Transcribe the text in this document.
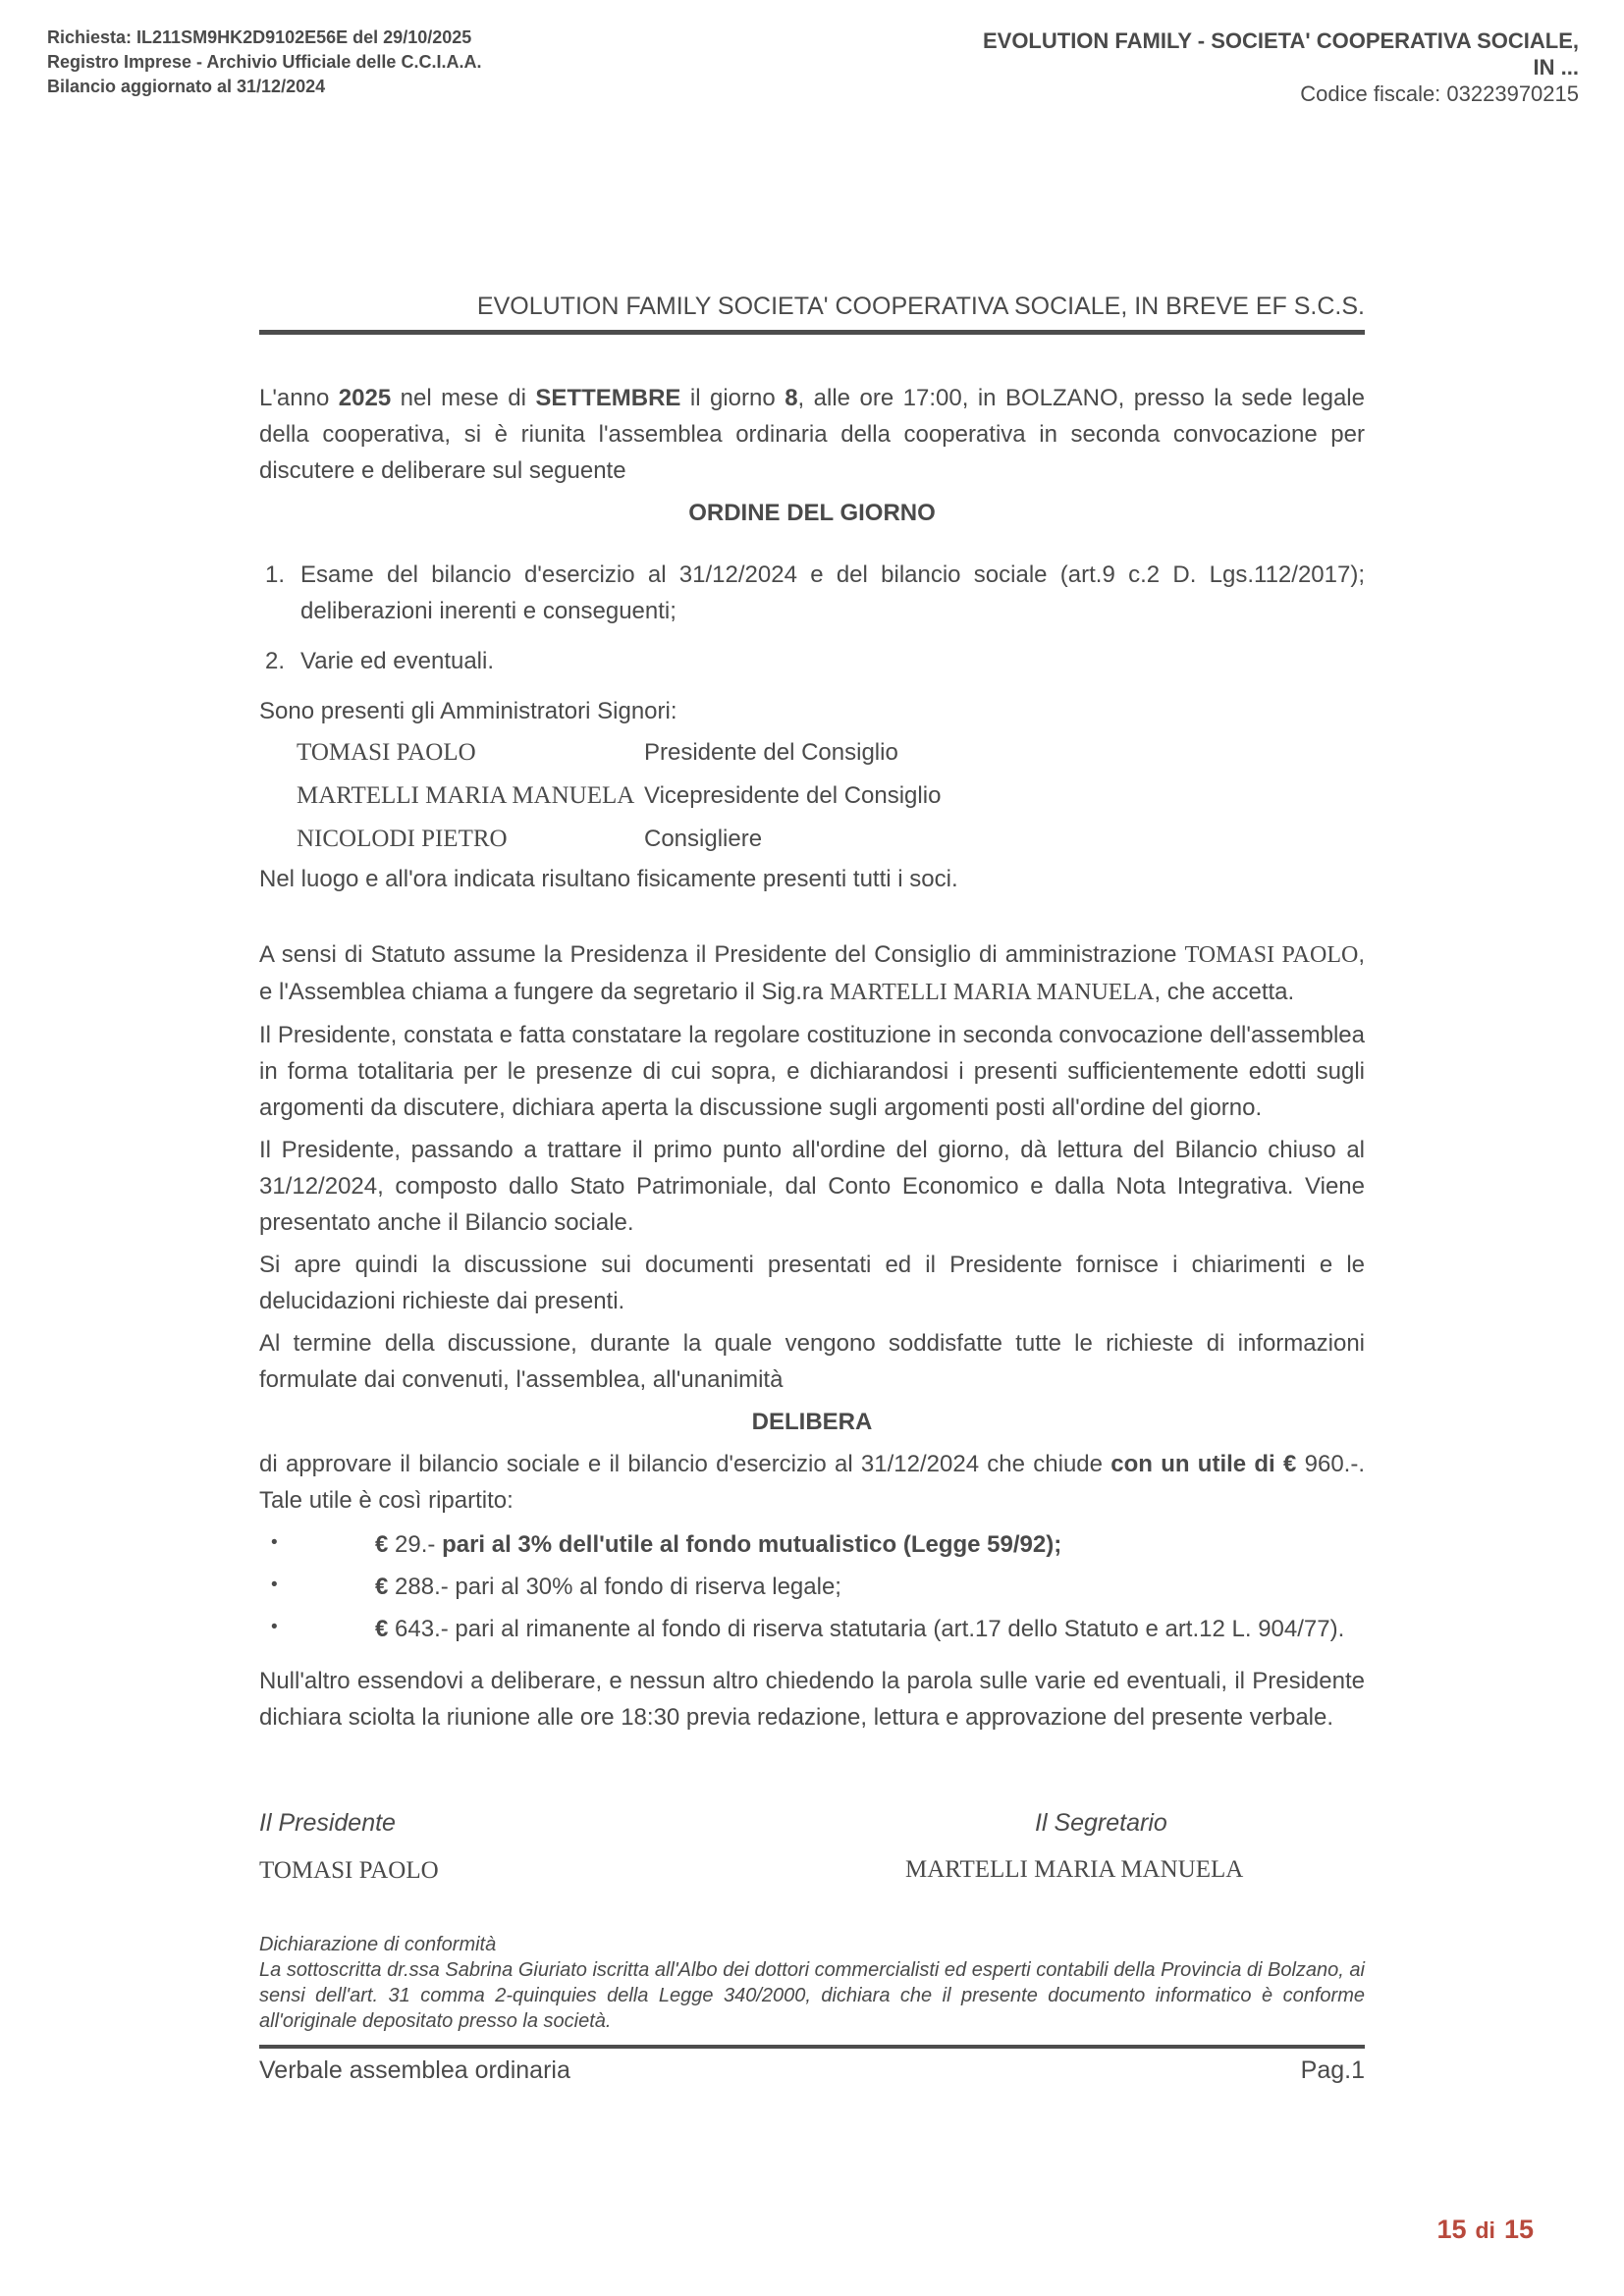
Richiesta: IL211SM9HK2D9102E56E del 29/10/2025
Registro Imprese - Archivio Ufficiale delle C.C.I.A.A.
Bilancio aggiornato al 31/12/2024
EVOLUTION FAMILY - SOCIETA' COOPERATIVA SOCIALE,
IN ...
Codice fiscale: 03223970215
EVOLUTION FAMILY SOCIETA' COOPERATIVA SOCIALE, IN BREVE EF S.C.S.

L'anno 2025 nel mese di SETTEMBRE il giorno 8, alle ore 17:00, in BOLZANO, presso la sede legale della cooperativa, si è riunita l'assemblea ordinaria della cooperativa in seconda convocazione per discutere e deliberare sul seguente

ORDINE DEL GIORNO
1. Esame del bilancio d'esercizio al 31/12/2024 e del bilancio sociale (art.9 c.2 D. Lgs.112/2017); deliberazioni inerenti e conseguenti;
2. Varie ed eventuali.
Sono presenti gli Amministratori Signori:
TOMASI PAOLO	Presidente del Consiglio
MARTELLI MARIA MANUELA Vicepresidente del Consiglio
NICOLODI PIETRO	Consigliere
Nel luogo e all'ora indicata risultano fisicamente presenti tutti i soci.

A sensi di Statuto assume la Presidenza il Presidente del Consiglio di amministrazione TOMASI PAOLO, e l'Assemblea chiama a fungere da segretario il Sig.ra MARTELLI MARIA MANUELA, che accetta.

Il Presidente, constata e fatta constatare la regolare costituzione in seconda convocazione dell'assemblea in forma totalitaria per le presenze di cui sopra, e dichiarandosi i presenti sufficientemente edotti sugli argomenti da discutere, dichiara aperta la discussione sugli argomenti posti all'ordine del giorno.

Il Presidente, passando a trattare il primo punto all'ordine del giorno, dà lettura del Bilancio chiuso al 31/12/2024, composto dallo Stato Patrimoniale, dal Conto Economico e dalla Nota Integrativa. Viene presentato anche il Bilancio sociale.

Si apre quindi la discussione sui documenti presentati ed il Presidente fornisce i chiarimenti e le delucidazioni richieste dai presenti.

Al termine della discussione, durante la quale vengono soddisfatte tutte le richieste di informazioni formulate dai convenuti, l'assemblea, all'unanimità

DELIBERA

di approvare il bilancio sociale e il bilancio d'esercizio al 31/12/2024 che chiude con un utile di € 960.-. Tale utile è così ripartito:

•	€ 29.- pari al 3% dell'utile al fondo mutualistico (Legge 59/92);
•	€ 288.- pari al 30% al fondo di riserva legale;
•	€ 643.- pari al rimanente al fondo di riserva statutaria (art.17 dello Statuto e art.12 L. 904/77).

Null'altro essendovi a deliberare, e nessun altro chiedendo la parola sulle varie ed eventuali, il Presidente dichiara sciolta la riunione alle ore 18:30 previa redazione, lettura e approvazione del presente verbale.

Il Presidente	Il Segretario
TOMASI PAOLO	MARTELLI MARIA MANUELA
Dichiarazione di conformità
La sottoscritta dr.ssa Sabrina Giuriato iscritta all'Albo dei dottori commercialisti ed esperti contabili della Provincia di Bolzano, ai sensi dell'art. 31 comma 2-quinquies della Legge 340/2000, dichiara che il presente documento informatico è conforme all'originale depositato presso la società.
Verbale assemblea ordinaria	Pag.1
15 di 15
